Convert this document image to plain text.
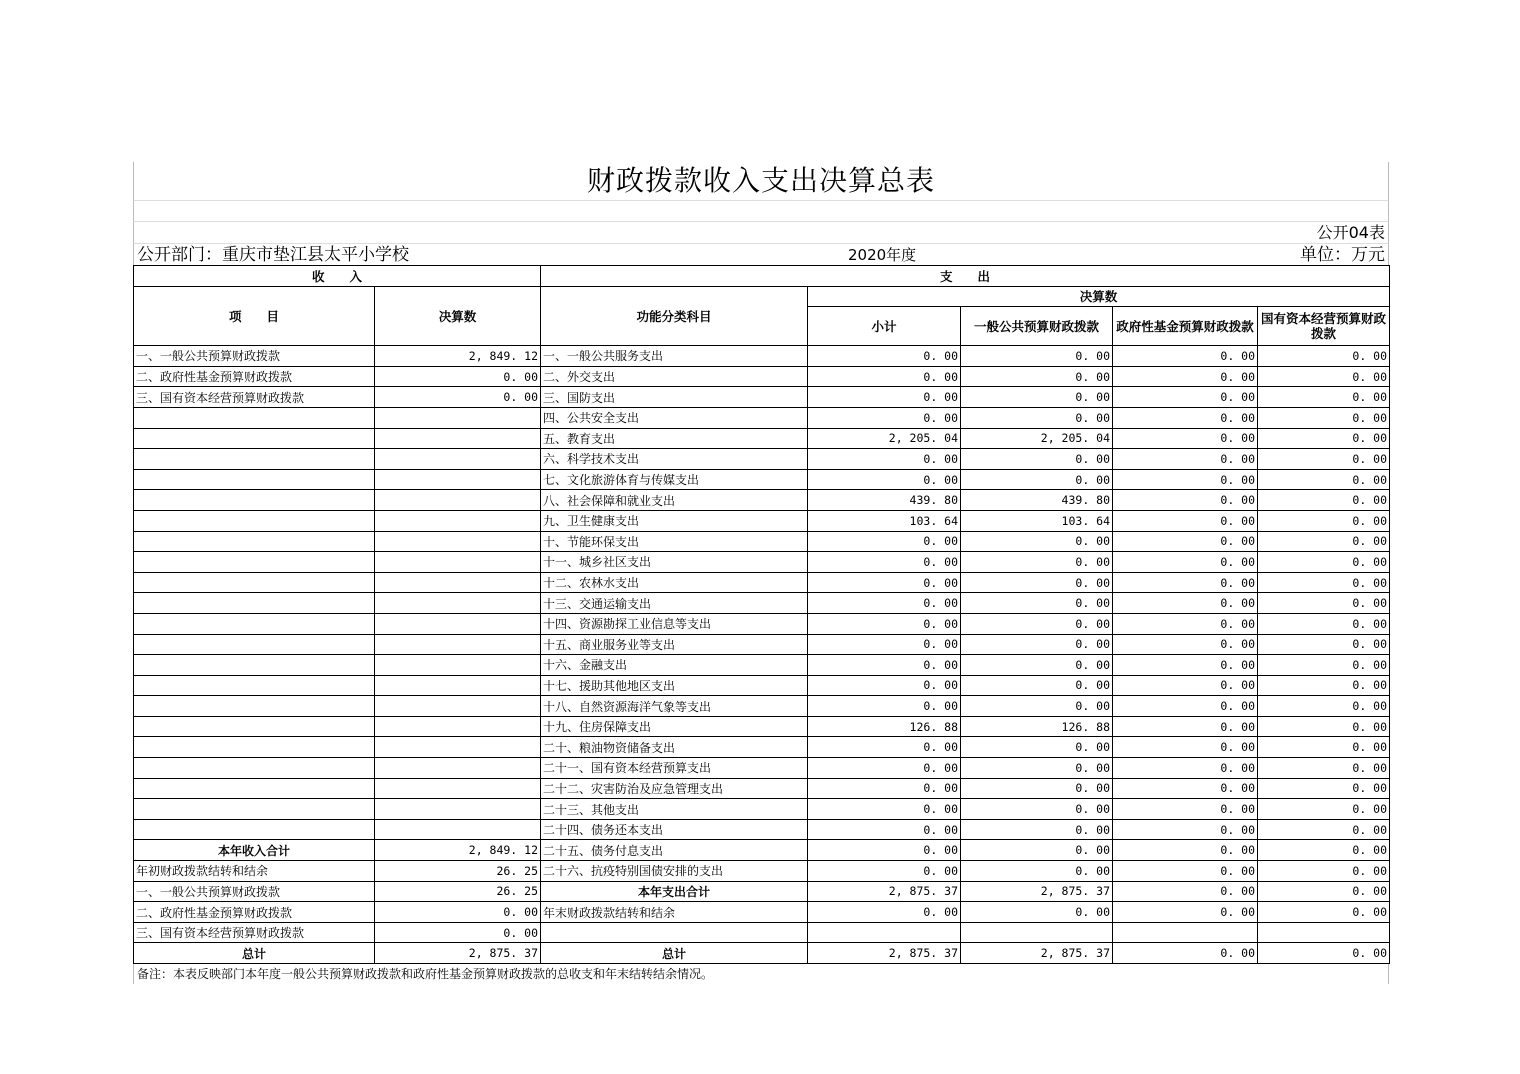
财政拨款收入支出决算总表
公开04表
公开部门：重庆市垫江县太平小学校	2020年度	单位：万元
收　　入		支　　出				
项　　目	决算数	功能分类科目	决算数			
			小计	一般公共预算财政拨款	政府性基金预算财政拨款	国有资本经营预算财政拨款
一、一般公共预算财政拨款	2, 849. 12	一、一般公共服务支出	0. 00	0. 00	0. 00	0. 00
二、政府性基金预算财政拨款	0. 00	二、外交支出	0. 00	0. 00	0. 00	0. 00
三、国有资本经营预算财政拨款	0. 00	三、国防支出	0. 00	0. 00	0. 00	0. 00
		四、公共安全支出	0. 00	0. 00	0. 00	0. 00
		五、教育支出	2, 205. 04	2, 205. 04	0. 00	0. 00
		六、科学技术支出	0. 00	0. 00	0. 00	0. 00
		七、文化旅游体育与传媒支出	0. 00	0. 00	0. 00	0. 00
		八、社会保障和就业支出	439. 80	439. 80	0. 00	0. 00
		九、卫生健康支出	103. 64	103. 64	0. 00	0. 00
		十、节能环保支出	0. 00	0. 00	0. 00	0. 00
		十一、城乡社区支出	0. 00	0. 00	0. 00	0. 00
		十二、农林水支出	0. 00	0. 00	0. 00	0. 00
		十三、交通运输支出	0. 00	0. 00	0. 00	0. 00
		十四、资源勘探工业信息等支出	0. 00	0. 00	0. 00	0. 00
		十五、商业服务业等支出	0. 00	0. 00	0. 00	0. 00
		十六、金融支出	0. 00	0. 00	0. 00	0. 00
		十七、援助其他地区支出	0. 00	0. 00	0. 00	0. 00
		十八、自然资源海洋气象等支出	0. 00	0. 00	0. 00	0. 00
		十九、住房保障支出	126. 88	126. 88	0. 00	0. 00
		二十、粮油物资储备支出	0. 00	0. 00	0. 00	0. 00
		二十一、国有资本经营预算支出	0. 00	0. 00	0. 00	0. 00
		二十二、灾害防治及应急管理支出	0. 00	0. 00	0. 00	0. 00
		二十三、其他支出	0. 00	0. 00	0. 00	0. 00
		二十四、债务还本支出	0. 00	0. 00	0. 00	0. 00
本年收入合计	2, 849. 12	二十五、债务付息支出	0. 00	0. 00	0. 00	0. 00
年初财政拨款结转和结余	26. 25	二十六、抗疫特别国债安排的支出	0. 00	0. 00	0. 00	0. 00
一、一般公共预算财政拨款	26. 25	本年支出合计	2, 875. 37	2, 875. 37	0. 00	0. 00
二、政府性基金预算财政拨款	0. 00	年末财政拨款结转和结余	0. 00	0. 00	0. 00	0. 00
三、国有资本经营预算财政拨款	0. 00					
总计	2, 875. 37	总计	2, 875. 37	2, 875. 37	0. 00	0. 00
备注：本表反映部门本年度一般公共预算财政拨款和政府性基金预算财政拨款的总收支和年末结转结余情况。
